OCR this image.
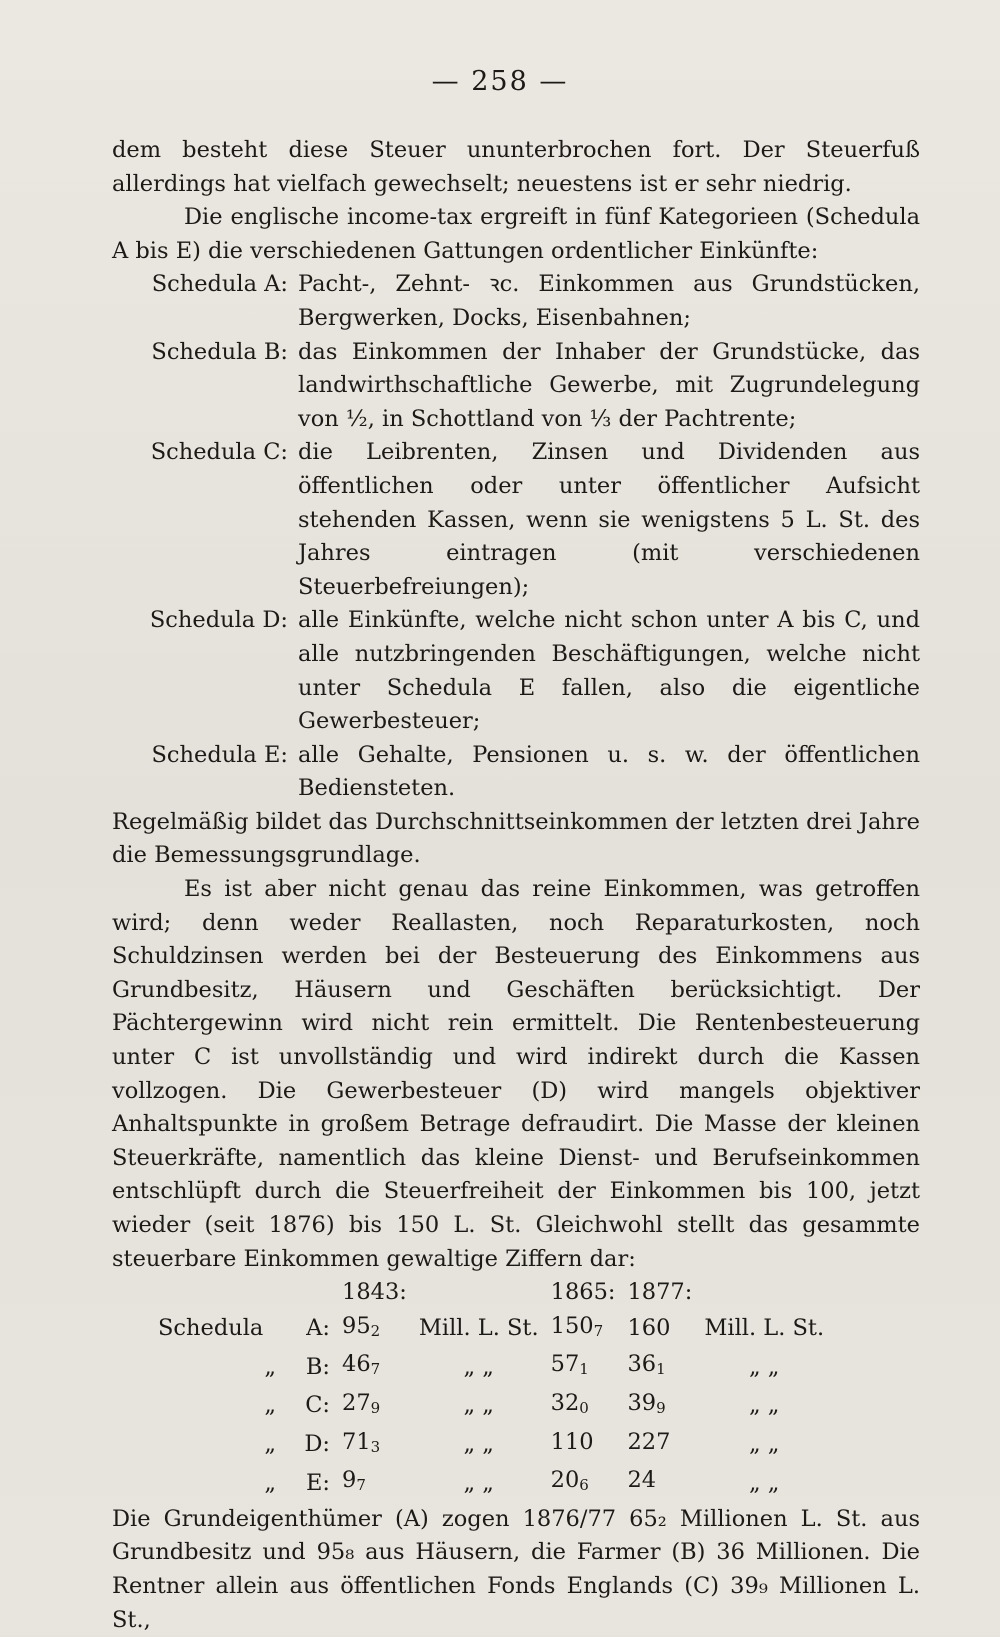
— 258 —

dem besteht diese Steuer ununterbrochen fort. Der Steuerfuß allerdings hat vielfach gewechselt; neuestens ist er sehr niedrig.

Die englische income-tax ergreift in fünf Kategorieen (Schedula A bis E) die verschiedenen Gattungen ordentlicher Einkünfte:

Schedula A: Pacht-, Zehnt- ꝛc. Einkommen aus Grundstücken, Bergwerken, Docks, Eisenbahnen;
Schedula B: das Einkommen der Inhaber der Grundstücke, das landwirthschaftliche Gewerbe, mit Zugrundelegung von ½, in Schottland von ⅓ der Pachtrente;
Schedula C: die Leibrenten, Zinsen und Dividenden aus öffentlichen oder unter öffentlicher Aufsicht stehenden Kassen, wenn sie wenigstens 5 L. St. des Jahres eintragen (mit verschiedenen Steuerbefreiungen);
Schedula D: alle Einkünfte, welche nicht schon unter A bis C, und alle nutzbringenden Beschäftigungen, welche nicht unter Schedula E fallen, also die eigentliche Gewerbesteuer;
Schedula E: alle Gehalte, Pensionen u. s. w. der öffentlichen Bediensteten.

Regelmäßig bildet das Durchschnittseinkommen der letzten drei Jahre die Bemessungsgrundlage.

Es ist aber nicht genau das reine Einkommen, was getroffen wird; denn weder Reallasten, noch Reparaturkosten, noch Schuldzinsen werden bei der Besteuerung des Einkommens aus Grundbesitz, Häusern und Geschäften berücksichtigt. Der Pächtergewinn wird nicht rein ermittelt. Die Rentenbesteuerung unter C ist unvollständig und wird indirekt durch die Kassen vollzogen. Die Gewerbesteuer (D) wird mangels objektiver Anhaltspunkte in großem Betrage defraudirt. Die Masse der kleinen Steuerkräfte, namentlich das kleine Dienst- und Berufseinkommen entschlüpft durch die Steuerfreiheit der Einkommen bis 100, jetzt wieder (seit 1876) bis 150 L. St. Gleichwohl stellt das gesammte steuerbare Einkommen gewaltige Ziffern dar:

		1843:		1865:	1877:	
Schedula	A:	$95_2$	Mill. L. St.	$150_7$	160	Mill. L. St.
„	B:	$46_7$	„ „	$57_1$	$36_1$	„ „
„	C:	$27_9$	„ „	$32_0$	$39_9$	„ „
„	D:	$71_3$	„ „	110	227	„ „
„	E:	$9_7$	„ „	$20_6$	24	„ „

Die Grundeigenthümer (A) zogen 1876/77 65₂ Millionen L. St. aus Grundbesitz und 95₈ aus Häusern, die Farmer (B) 36 Millionen. Die Rentner allein aus öffentlichen Fonds Englands (C) 39₉ Millionen L. St.,
